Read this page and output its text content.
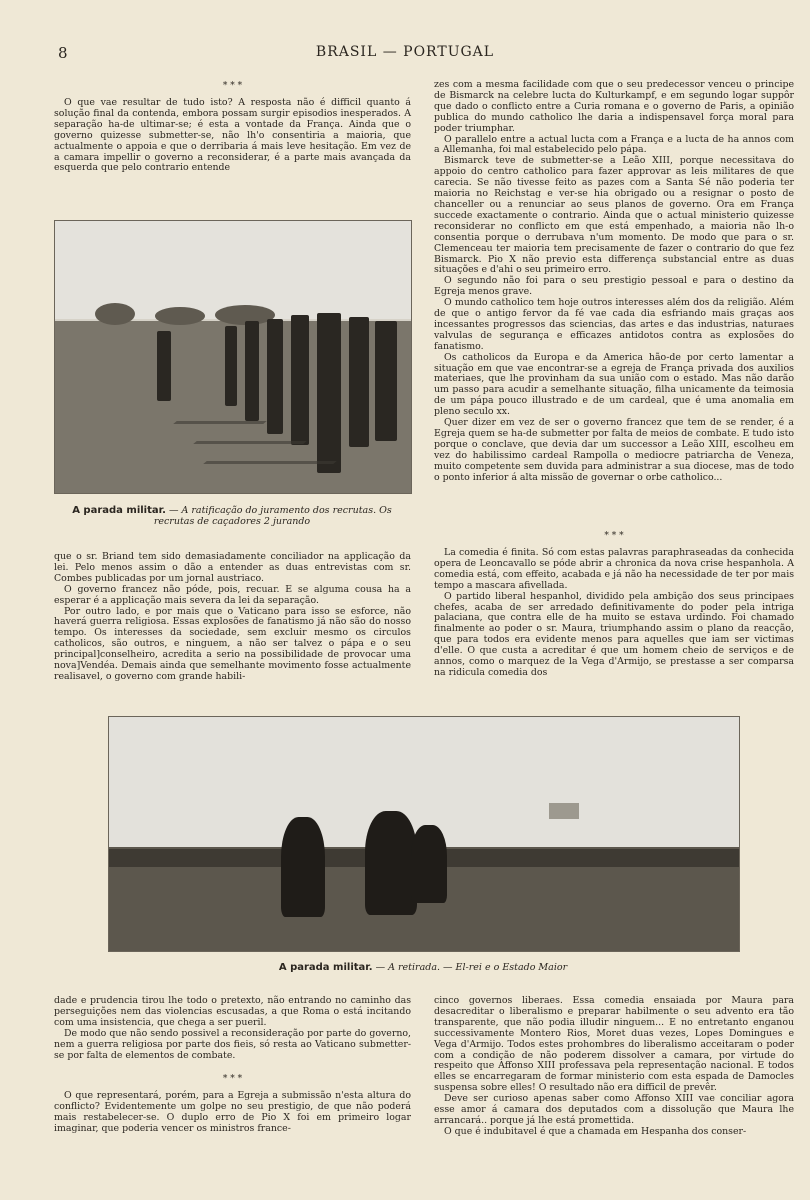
8	BRASIL — PORTUGAL
* * *

O que vae resultar de tudo isto? A resposta não é difficil quanto á solução final da contenda, embora possam surgir episodios inesperados. A separação ha-de ultimar-se; é esta a vontade da França. Ainda que o governo quizesse submetter-se, não lh'o consentiria a maioria, que actualmente o appoia e que o derribaria á mais leve hesitação. Em vez de a camara impellir o governo a reconsiderar, é a parte mais avançada da esquerda que pelo contrario entende

A parada militar. — A ratificação do juramento dos recrutas. Os recrutas de caçadores 2 jurando

que o sr. Briand tem sido demasiadamente conciliador na applicação da lei. Pelo menos assim o dão a entender as duas entrevistas com sr. Combes publicadas por um jornal austriaco.

O governo francez não póde, pois, recuar. E se alguma cousa ha a esperar é a applicação mais severa da lei da separação.

Por outro lado, e por mais que o Vaticano para isso se esforce, não haverá guerra religiosa. Essas explosões de fanatismo já não são do nosso tempo. Os interesses da sociedade, sem excluir mesmo os circulos catholicos, são outros, e ninguem, a não ser talvez o pápa e o seu principal]conselheiro, acredita a serio na possibilidade de provocar uma nova]Vendéa. Demais ainda que semelhante movimento fosse actualmente realisavel, o governo com grande habili-

zes com a mesma facilidade com que o seu predecessor venceu o principe de Bismarck na celebre lucta do Kulturkampf, e em segundo logar suppôr que dado o conflicto entre a Curia romana e o governo de Paris, a opinião publica do mundo catholico lhe daria a indispensavel força moral para poder triumphar.

O parallelo entre a actual lucta com a França e a lucta de ha annos com a Allemanha, foi mal estabelecido pelo pápa.

Bismarck teve de submetter-se a Leão XIII, porque necessitava do appoio do centro catholico para fazer approvar as leis militares de que carecia. Se não tivesse feito as pazes com a Santa Sé não poderia ter maioria no Reichstag e ver-se hia obrigado ou a resignar o posto de chanceller ou a renunciar ao seus planos de governo. Ora em França succede exactamente o contrario. Ainda que o actual ministerio quizesse reconsiderar no conflicto em que está empenhado, a maioria não lh-o consentia porque o derrubava n'um momento. De modo que para o sr. Clemenceau ter maioria tem precisamente de fazer o contrario do que fez Bismarck. Pio X não previo esta differença substancial entre as duas situações e d'ahi o seu primeiro erro.

O segundo não foi para o seu prestigio pessoal e para o destino da Egreja menos grave.

O mundo catholico tem hoje outros interesses além dos da religião. Além de que o antigo fervor da fé vae cada dia esfriando mais graças aos incessantes progressos das sciencias, das artes e das industrias, naturaes valvulas de segurança e efficazes antidotos contra as explosões do fanatismo.

Os catholicos da Europa e da America hão-de por certo lamentar a situação em que vae encontrar-se a egreja de França privada dos auxilios materiaes, que lhe provinham da sua união com o estado. Mas não darão um passo para acudir a semelhante situação, filha unicamente da teimosia de um pápa pouco illustrado e de um cardeal, que é uma anomalia em pleno seculo xx.

Quer dizer em vez de ser o governo francez que tem de se render, é a Egreja quem se ha-de submetter por falta de meios de combate. E tudo isto porque o conclave, que devia dar um successor a Leão XIII, escolheu em vez do habilissimo cardeal Rampolla o mediocre patriarcha de Veneza, muito competente sem duvida para administrar a sua diocese, mas de todo o ponto inferior á alta missão de governar o orbe catholico...

* * *

La comedia é finita. Só com estas palavras paraphraseadas da conhecida opera de Leoncavallo se póde abrir a chronica da nova crise hespanhola. A comedia está, com effeito, acabada e já não ha necessidade de ter por mais tempo a mascara afivellada.

O partido liberal hespanhol, dividido pela ambição dos seus principaes chefes, acaba de ser arredado definitivamente do poder pela intriga palaciana, que contra elle de ha muito se estava urdindo. Foi chamado finalmente ao poder o sr. Maura, triumphando assim o plano da reacção, que para todos era evidente menos para aquelles que iam ser victimas d'elle. O que custa a acreditar é que um homem cheio de serviços e de annos, como o marquez de la Vega d'Armijo, se prestasse a ser comparsa na ridicula comedia dos

A parada militar. — A retirada. — El-rei e o Estado Maior

dade e prudencia tirou lhe todo o pretexto, não entrando no caminho das perseguições nem das violencias escusadas, a que Roma o está incitando com uma insistencia, que chega a ser pueril.

De modo que não sendo possivel a reconsideração por parte do governo, nem a guerra religiosa por parte dos fieis, só resta ao Vaticano submetter-se por falta de elementos de combate.

* * *

O que representará, porém, para a Egreja a submissão n'esta altura do conflicto? Evidentemente um golpe no seu prestigio, de que não poderá mais restabelecer-se. O duplo erro de Pio X foi em primeiro logar imaginar, que poderia vencer os ministros france-

cinco governos liberaes. Essa comedia ensaiada por Maura para desacreditar o liberalismo e preparar habilmente o seu advento era tão transparente, que não podia illudir ninguem... E no entretanto enganou successivamente Montero Rios, Moret duas vezes, Lopes Domingues e Vega d'Armijo. Todos estes prohombres do liberalismo acceitaram o poder com a condição de não poderem dissolver a camara, por virtude do respeito que Affonso XIII professava pela representação nacional. E todos elles se encarregaram de formar ministerio com esta espada de Damocles suspensa sobre elles! O resultado não era difficil de prevêr.

Deve ser curioso apenas saber como Affonso XIII vae conciliar agora esse amor á camara dos deputados com a dissolução que Maura lhe arrancará.. porque já lhe está promettida.

O que é indubitavel é que a chamada em Hespanha dos conser-
